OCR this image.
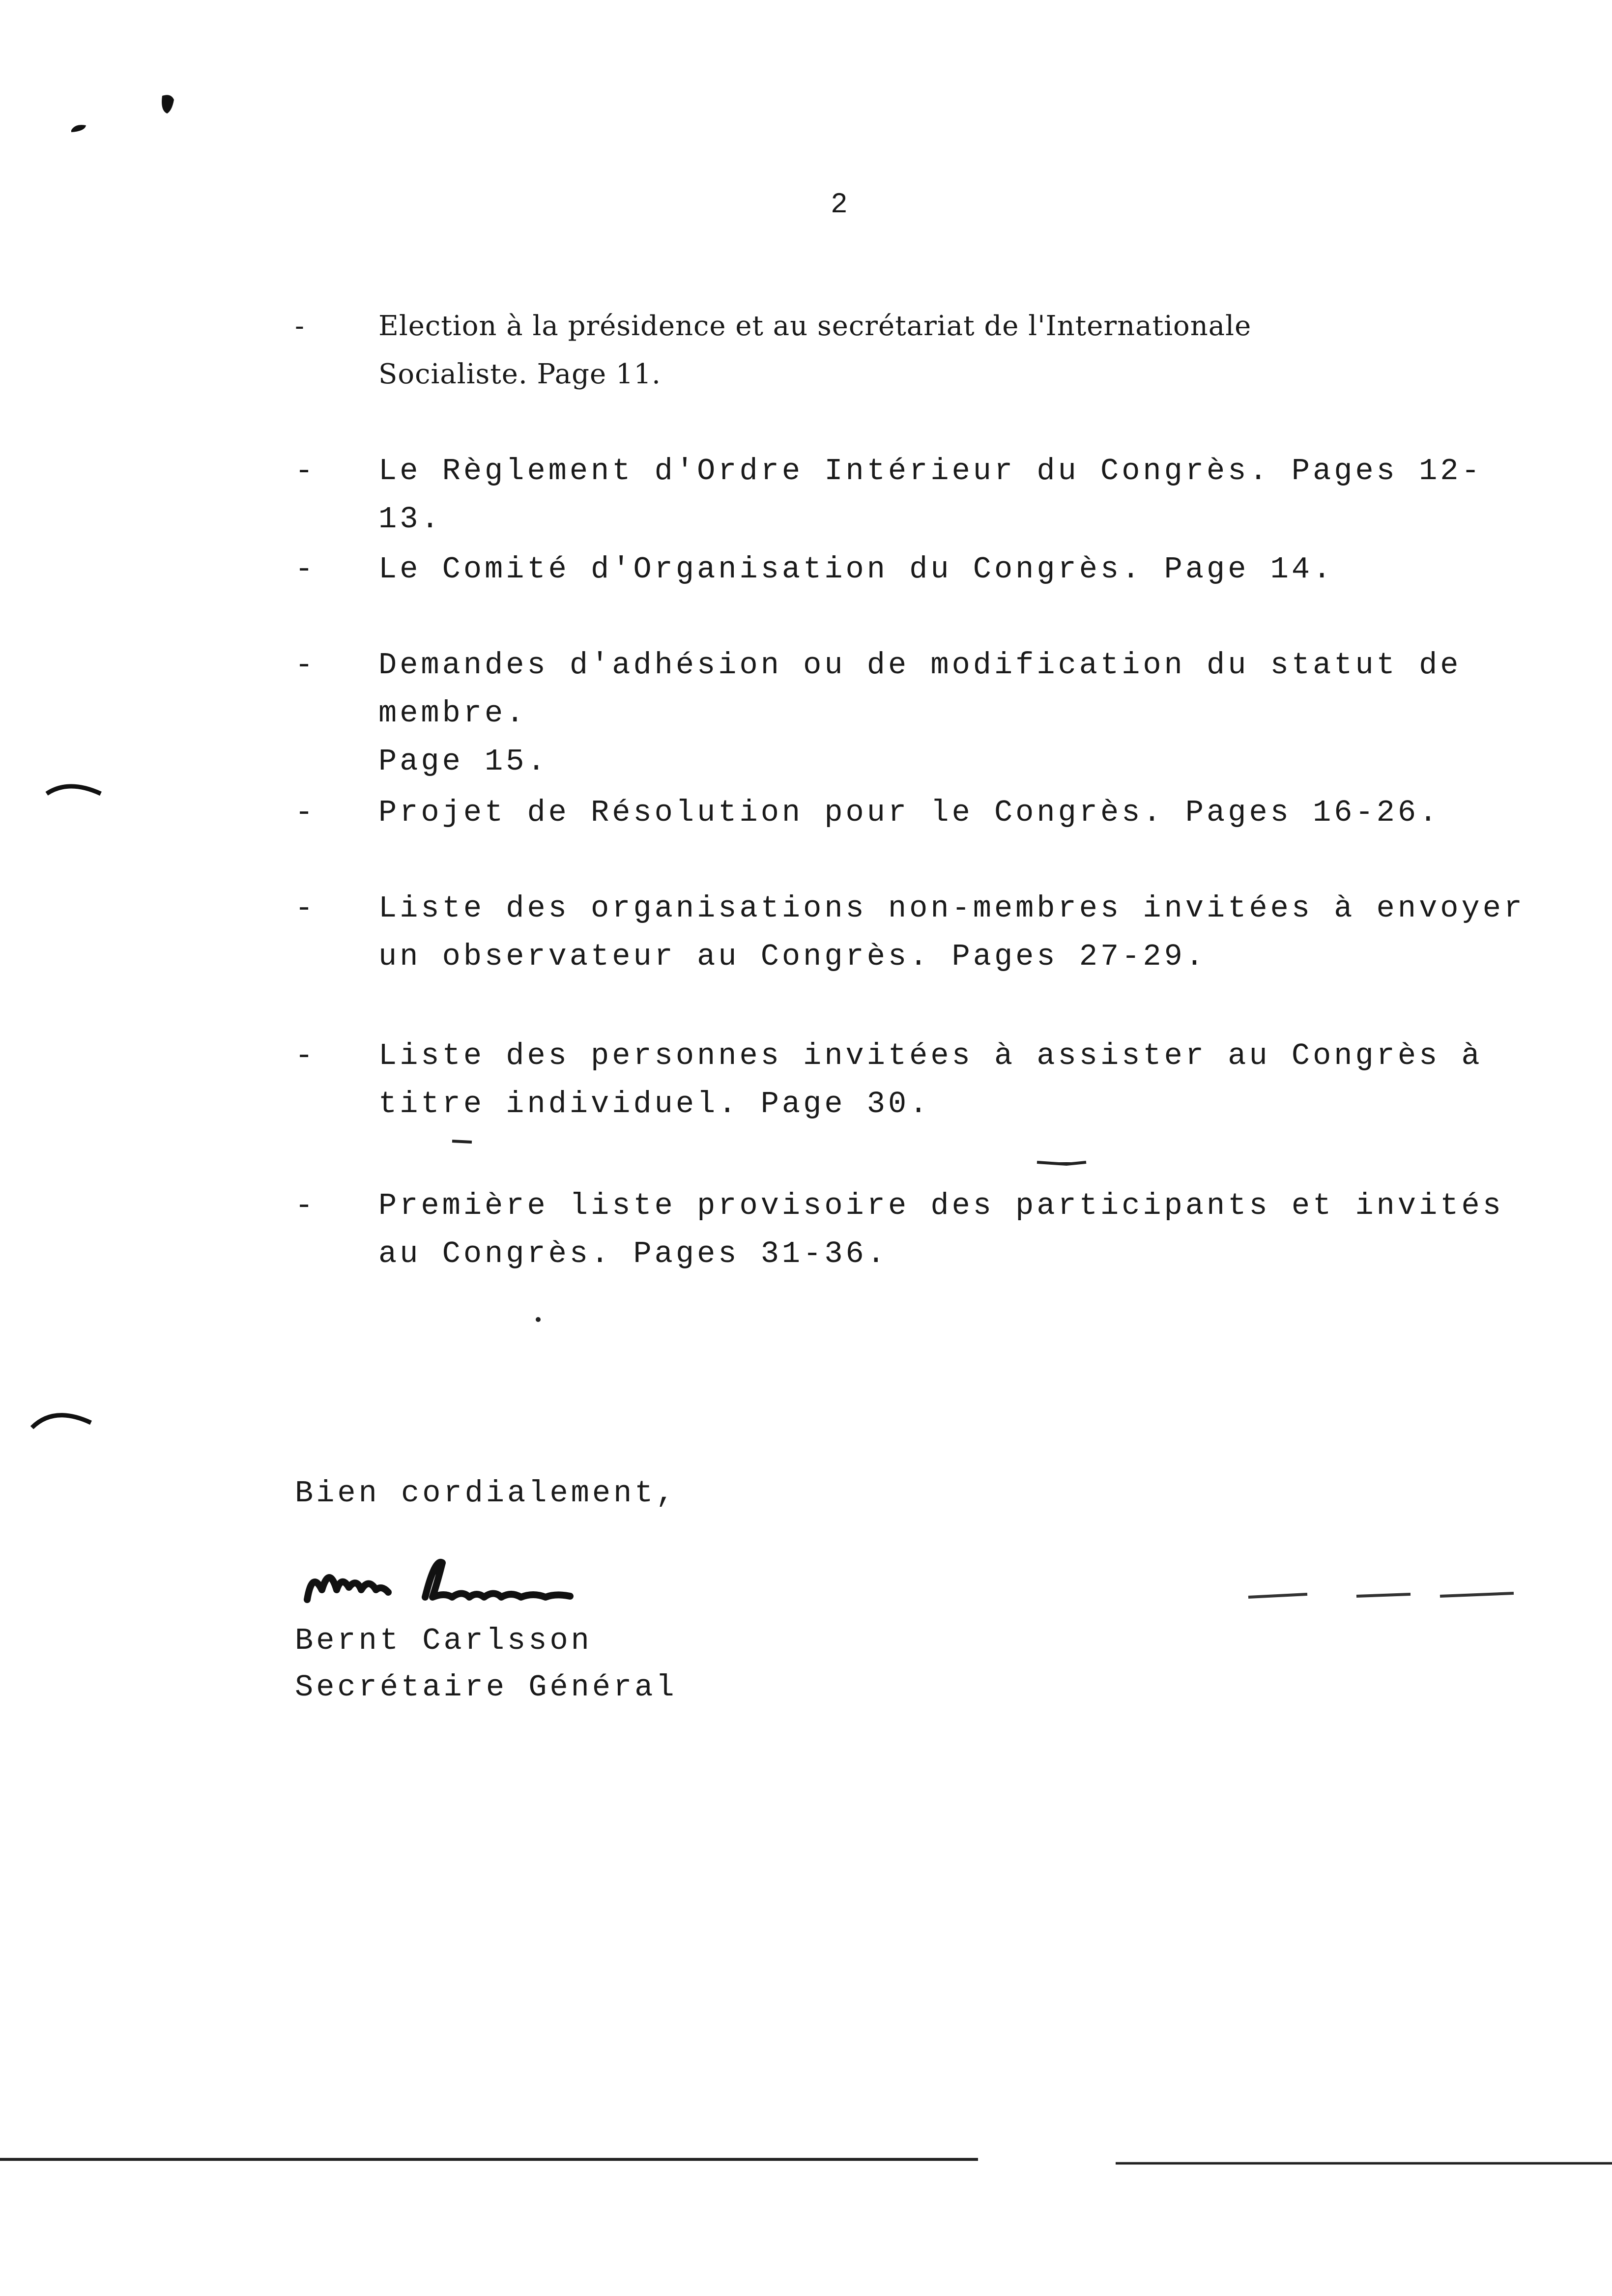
2
-	Election à la présidence et au secrétariat de l'Internationale
Socialiste. Page 11.
- Le Règlement d'Ordre Intérieur du Congrès. Pages 12-13.
- Le Comité d'Organisation du Congrès. Page 14.
- Demandes d'adhésion ou de modification du statut de membre.
Page 15.
- Projet de Résolution pour le Congrès. Pages 16-26.
- Liste des organisations non-membres invitées à envoyer
un observateur au Congrès. Pages 27-29.
- Liste des personnes invitées à assister au Congrès à
titre individuel. Page 30.
- Première liste provisoire des participants et invités
au Congrès. Pages 31-36.
Bien cordialement,
Bernt Carlsson
Secrétaire Général
